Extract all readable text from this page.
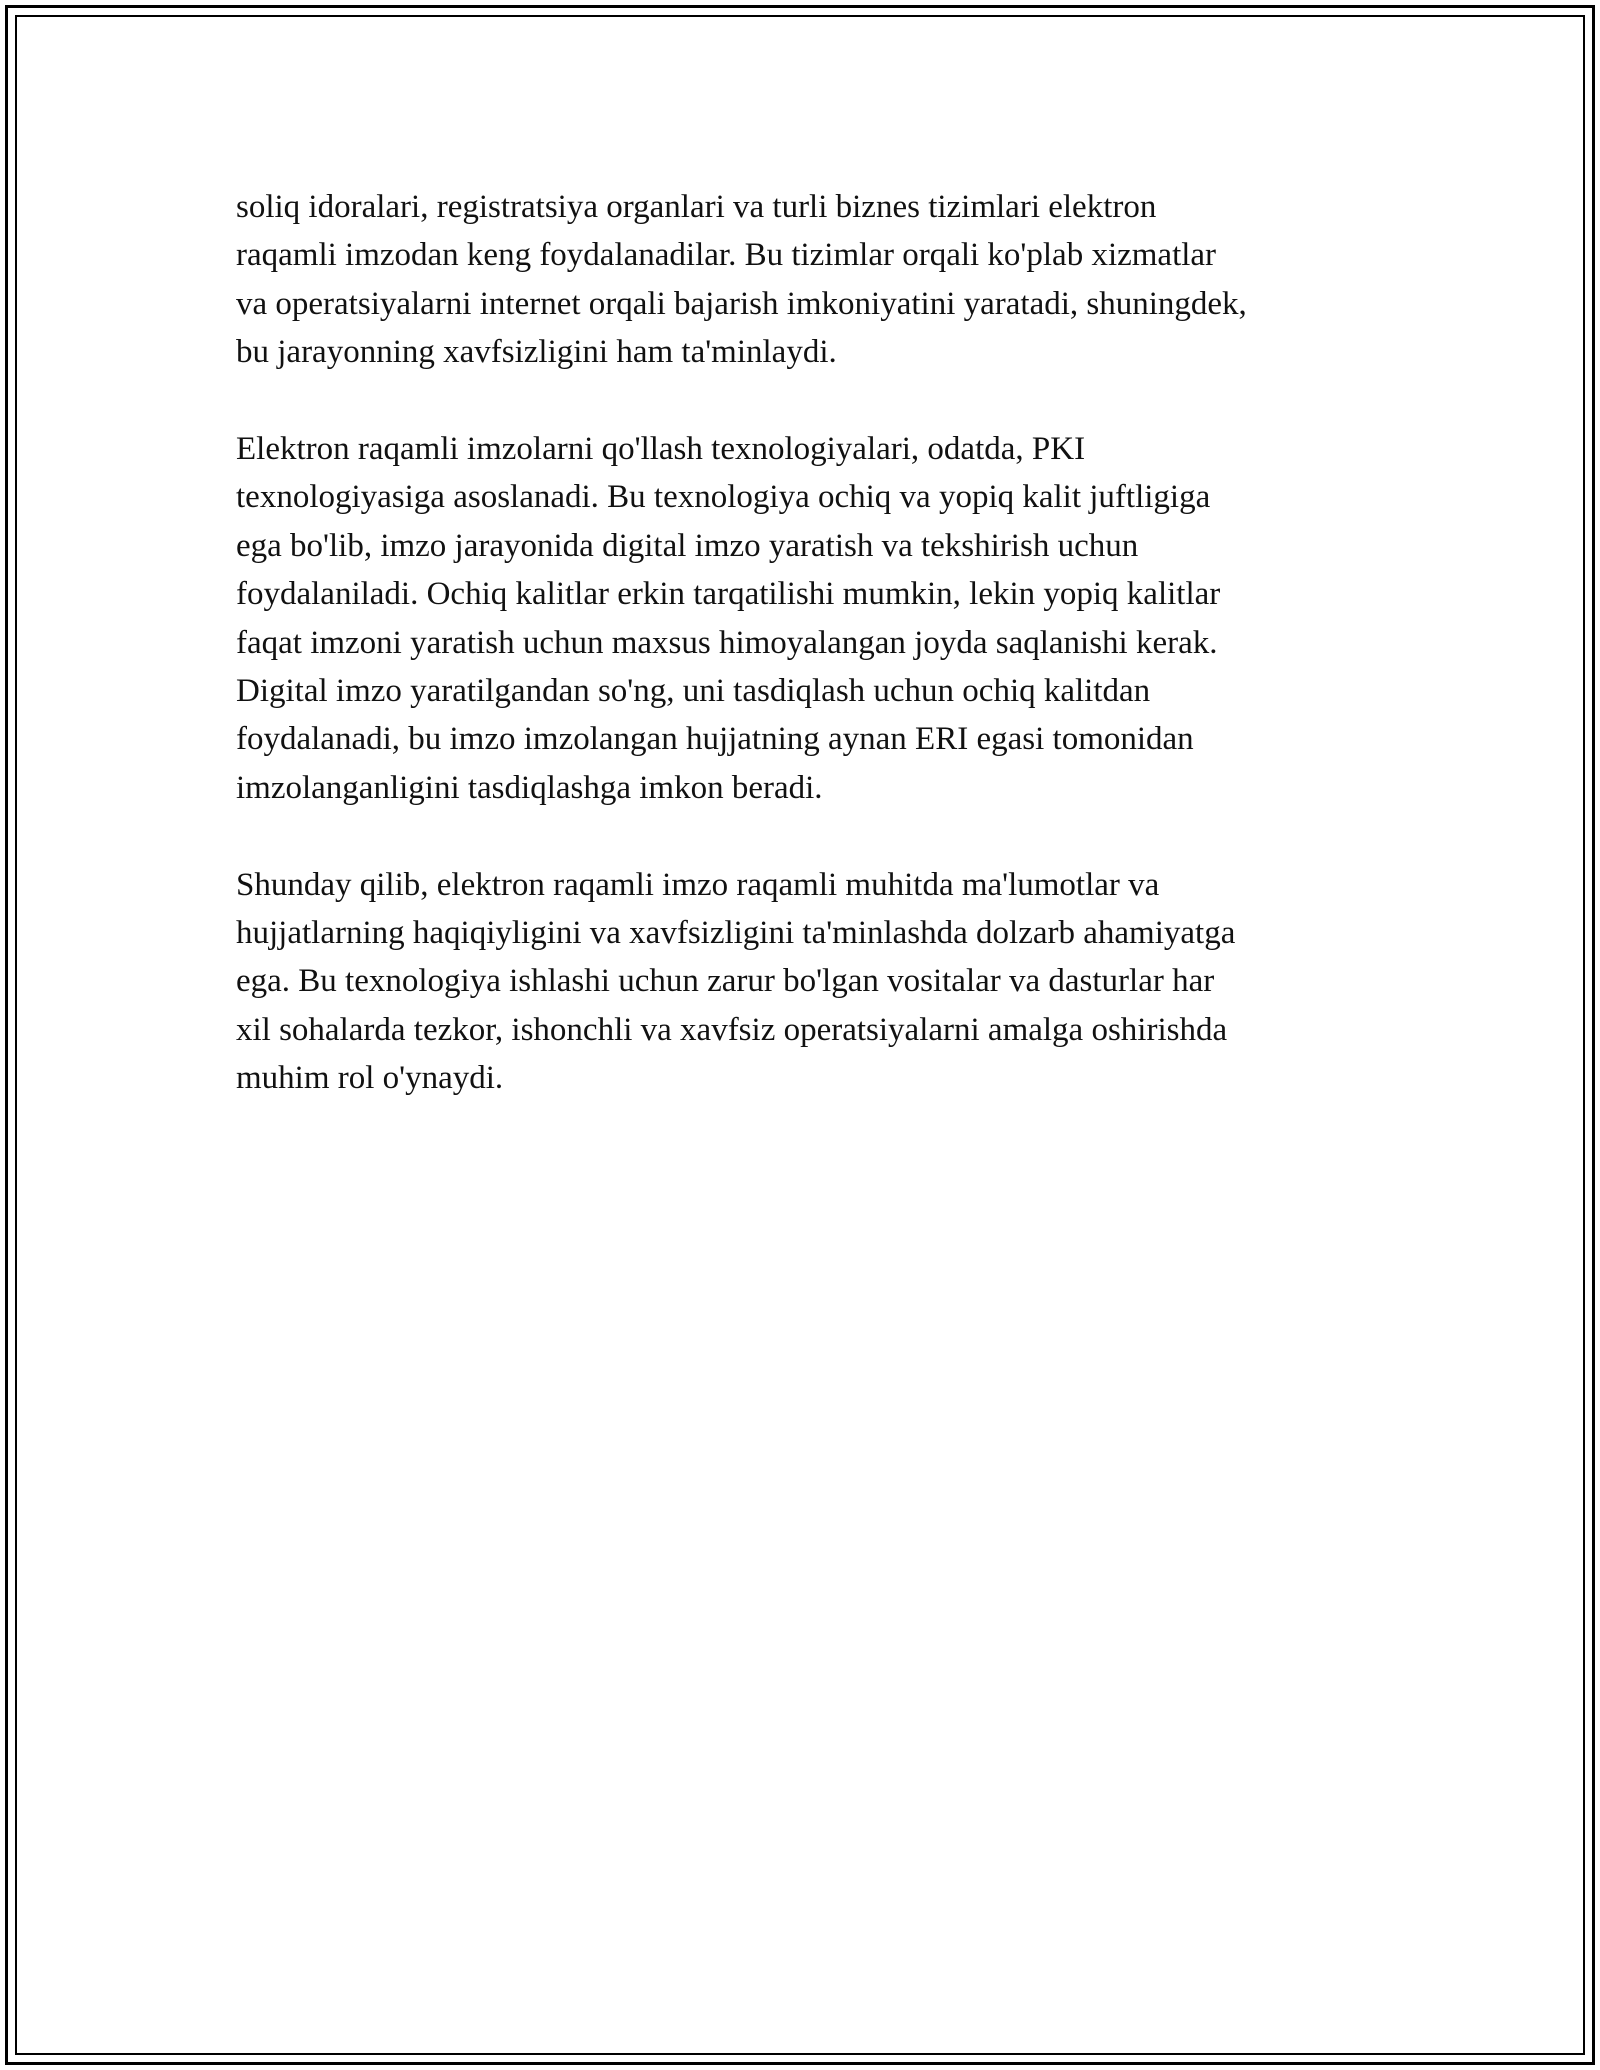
soliq idoralari, registratsiya organlari va turli biznes tizimlari elektron
raqamli imzodan keng foydalanadilar. Bu tizimlar orqali ko'plab xizmatlar
va operatsiyalarni internet orqali bajarish imkoniyatini yaratadi, shuningdek,
bu jarayonning xavfsizligini ham ta'minlaydi.

Elektron raqamli imzolarni qo'llash texnologiyalari, odatda, PKI
texnologiyasiga asoslanadi. Bu texnologiya ochiq va yopiq kalit juftligiga
ega bo'lib, imzo jarayonida digital imzo yaratish va tekshirish uchun
foydalaniladi. Ochiq kalitlar erkin tarqatilishi mumkin, lekin yopiq kalitlar
faqat imzoni yaratish uchun maxsus himoyalangan joyda saqlanishi kerak.
Digital imzo yaratilgandan so'ng, uni tasdiqlash uchun ochiq kalitdan
foydalanadi, bu imzo imzolangan hujjatning aynan ERI egasi tomonidan
imzolanganligini tasdiqlashga imkon beradi.

Shunday qilib, elektron raqamli imzo raqamli muhitda ma'lumotlar va
hujjatlarning haqiqiyligini va xavfsizligini ta'minlashda dolzarb ahamiyatga
ega. Bu texnologiya ishlashi uchun zarur bo'lgan vositalar va dasturlar har
xil sohalarda tezkor, ishonchli va xavfsiz operatsiyalarni amalga oshirishda
muhim rol o'ynaydi.
